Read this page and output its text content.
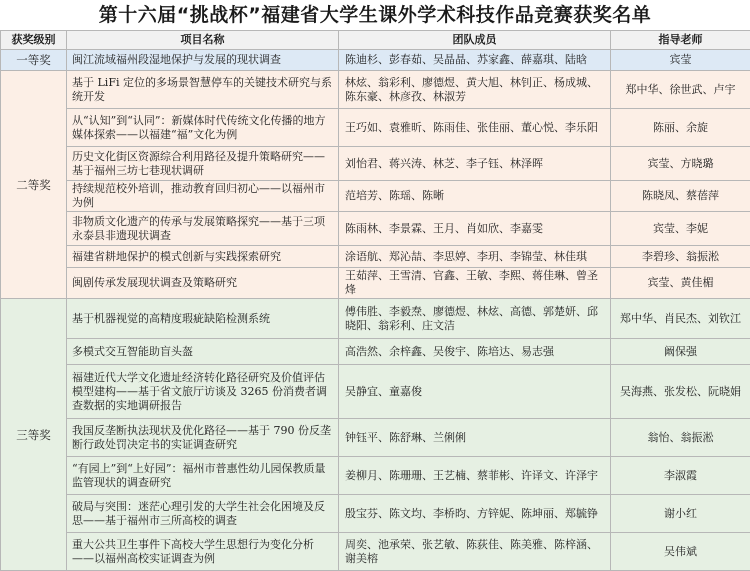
第十六届“挑战杯”福建省大学生课外学术科技作品竞赛获奖名单
获奖级别	项目名称	团队成员	指导老师
一等奖	闽江流域福州段湿地保护与发展的现状调查	陈迪杉、彭春茹、吴晶晶、苏家鑫、薛嘉琪、陆晗	宾莹
二等奖	基于 LiFi 定位的多场景智慧停车的关键技术研究与系统开发	林炫、翁彩利、廖德煜、黄大旭、林钊正、杨成城、陈东豪、林彦孜、林淑芳	郑中华、徐世武、卢宇
	从“认知”到“认同”：新媒体时代传统文化传播的地方媒体探索——以福建“福”文化为例	王巧如、袁雅昕、陈雨佳、张佳丽、董心悦、李乐阳	陈丽、余旋
	历史文化街区资源综合利用路径及提升策略研究——基于福州三坊七巷现状调研	刘怡君、蒋兴涛、林芝、李子钰、林泽晖	宾莹、方晓璐
	持续规范校外培训，推动教育回归初心——以福州市为例	范培芳、陈瑶、陈晰	陈晓凤、蔡蓓萍
	非物质文化遗产的传承与发展策略探究——基于三项永泰县非遗现状调查	陈雨林、李景霖、王月、肖如欣、李嘉雯	宾莹、李妮
	福建省耕地保护的模式创新与实践探索研究	涂语航、郑沁喆、李思婷、李玥、李锦莹、林佳琪	李碧珍、翁振淞
	闽剧传承发展现状调查及策略研究	王茹萍、王雪清、官鑫、王敏、李熙、蒋佳琳、曾圣烽	宾莹、黄佳楣
三等奖	基于机器视觉的高精度瑕疵缺陷检测系统	傅伟胜、李毅焘、廖德煜、林炫、高德、郭楚妍、邱晓阳、翁彩利、庄文洁	郑中华、肖民杰、刘钦江
	多模式交互智能助盲头盔	高浩然、余梓鑫、吴俊宇、陈培达、易志强	阚保强
	福建近代大学文化遗址经济转化路径研究及价值评估模型建构——基于省文旅厅访谈及 3265 份消费者调查数据的实地调研报告	吴静宜、童嘉俊	吴海燕、张发松、阮晓娟
	我国反垄断执法现状及优化路径——基于 790 份反垄断行政处罚决定书的实证调查研究	钟钰平、陈舒琳、兰俐俐	翁怡、翁振淞
	“有园上”到“上好园”：福州市普惠性幼儿园保教质量监管现状的调查研究	姜柳月、陈珊珊、王艺楠、蔡菲彬、许译文、许泽宇	李淑霞
	破局与突围：迷茫心理引发的大学生社会化困境及反思——基于福州市三所高校的调查	殷宝芬、陈文均、李桥昀、方锌妮、陈坤丽、郑毓铮	谢小红
	重大公共卫生事件下高校大学生思想行为变化分析——以福州高校实证调查为例	周奕、池承荣、张艺敏、陈荻佳、陈美雅、陈梓涵、谢美榕	吴伟斌
